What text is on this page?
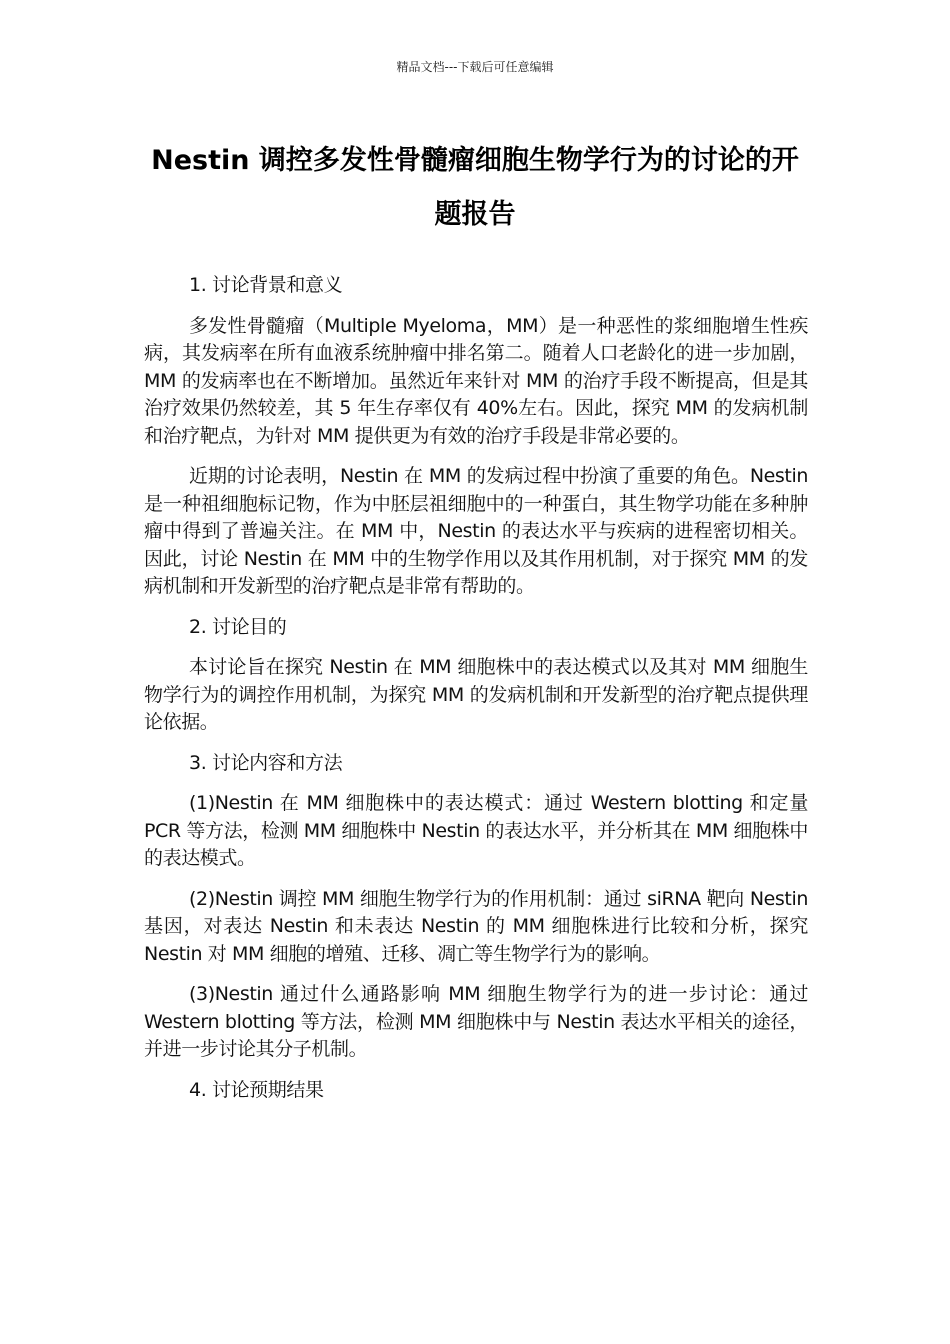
精品文档---下载后可任意编辑
Nestin 调控多发性骨髓瘤细胞生物学行为的讨论的开题报告

1. 讨论背景和意义

多发性骨髓瘤（Multiple Myeloma，MM）是一种恶性的浆细胞增生性疾病，其发病率在所有血液系统肿瘤中排名第二。随着人口老龄化的进一步加剧，MM 的发病率也在不断增加。虽然近年来针对 MM 的治疗手段不断提高，但是其治疗效果仍然较差，其 5 年生存率仅有 40%左右。因此，探究 MM 的发病机制和治疗靶点，为针对 MM 提供更为有效的治疗手段是非常必要的。

近期的讨论表明，Nestin 在 MM 的发病过程中扮演了重要的角色。Nestin 是一种祖细胞标记物，作为中胚层祖细胞中的一种蛋白，其生物学功能在多种肿瘤中得到了普遍关注。在 MM 中，Nestin 的表达水平与疾病的进程密切相关。因此，讨论 Nestin 在 MM 中的生物学作用以及其作用机制，对于探究 MM 的发病机制和开发新型的治疗靶点是非常有帮助的。

2. 讨论目的

本讨论旨在探究 Nestin 在 MM 细胞株中的表达模式以及其对 MM 细胞生物学行为的调控作用机制，为探究 MM 的发病机制和开发新型的治疗靶点提供理论依据。

3. 讨论内容和方法

(1)Nestin 在 MM 细胞株中的表达模式：通过 Western blotting 和定量 PCR 等方法，检测 MM 细胞株中 Nestin 的表达水平，并分析其在 MM 细胞株中的表达模式。

(2)Nestin 调控 MM 细胞生物学行为的作用机制：通过 siRNA 靶向 Nestin 基因，对表达 Nestin 和未表达 Nestin 的 MM 细胞株进行比较和分析，探究 Nestin 对 MM 细胞的增殖、迁移、凋亡等生物学行为的影响。

(3)Nestin 通过什么通路影响 MM 细胞生物学行为的进一步讨论：通过 Western blotting 等方法，检测 MM 细胞株中与 Nestin 表达水平相关的途径，并进一步讨论其分子机制。

4. 讨论预期结果
